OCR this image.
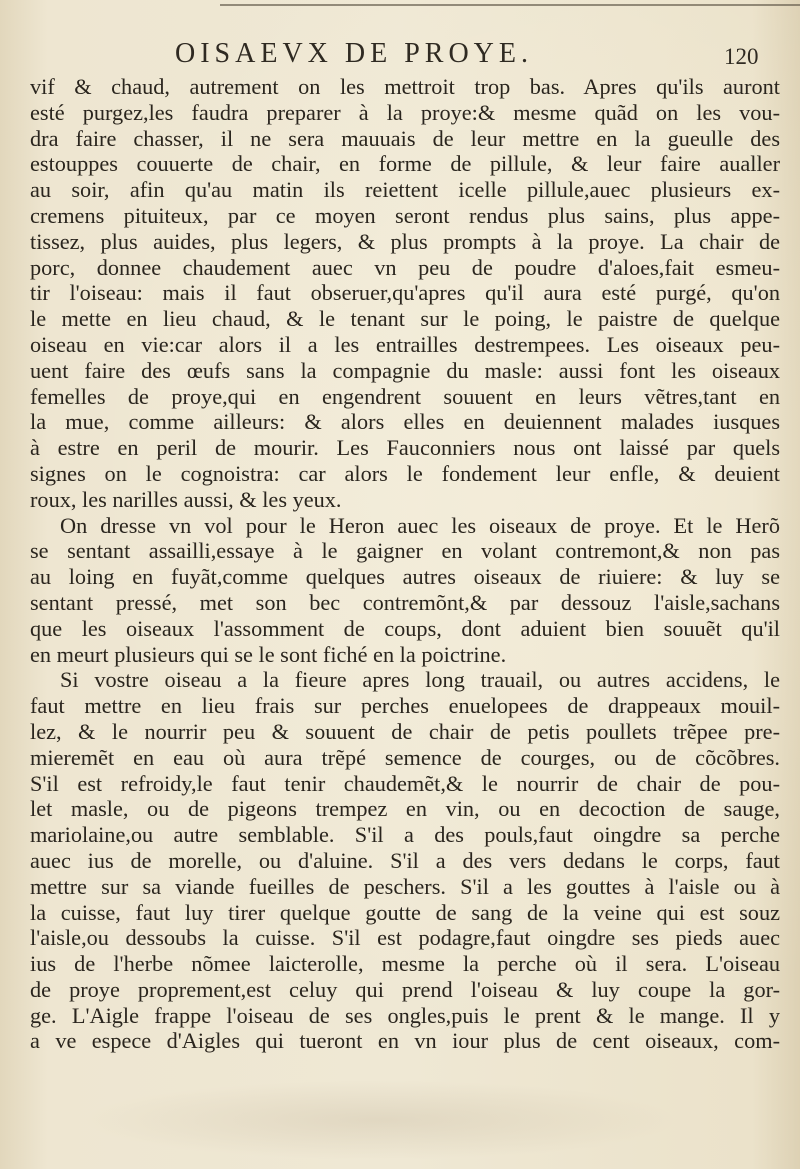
OISAEVX DE PROYE.	120
vif & chaud, autrement on les mettroit trop bas. Apres qu'ils auront
esté purgez,les faudra preparer à la proye:& mesme quãd on les vou-
dra faire chasser, il ne sera mauuais de leur mettre en la gueulle des
estouppes couuerte de chair, en forme de pillule, & leur faire aualler
au soir, afin qu'au matin ils reiettent icelle pillule,auec plusieurs ex-
cremens pituiteux, par ce moyen seront rendus plus sains, plus appe-
tissez, plus auides, plus legers, & plus prompts à la proye. La chair de
porc, donnee chaudement auec vn peu de poudre d'aloes,fait esmeu-
tir l'oiseau: mais il faut obseruer,qu'apres qu'il aura esté purgé, qu'on
le mette en lieu chaud, & le tenant sur le poing, le paistre de quelque
oiseau en vie:car alors il a les entrailles destrempees. Les oiseaux peu-
uent faire des œufs sans la compagnie du masle: aussi font les oiseaux
femelles de proye,qui en engendrent souuent en leurs vẽtres,tant en
la mue, comme ailleurs: & alors elles en deuiennent malades iusques
à estre en peril de mourir. Les Fauconniers nous ont laissé par quels
signes on le cognoistra: car alors le fondement leur enfle, & deuient
roux, les narilles aussi, & les yeux.
On dresse vn vol pour le Heron auec les oiseaux de proye. Et le Herõ
se sentant assailli,essaye à le gaigner en volant contremont,& non pas
au loing en fuyãt,comme quelques autres oiseaux de riuiere: & luy se
sentant pressé, met son bec contremõnt,& par dessouz l'aisle,sachans
que les oiseaux l'assomment de coups, dont aduient bien souuẽt qu'il
en meurt plusieurs qui se le sont fiché en la poictrine.
Si vostre oiseau a la fieure apres long trauail, ou autres accidens, le
faut mettre en lieu frais sur perches enuelopees de drappeaux mouil-
lez, & le nourrir peu & souuent de chair de petis poullets trẽpee pre-
mieremẽt en eau où aura trẽpé semence de courges, ou de cõcõbres.
S'il est refroidy,le faut tenir chaudemẽt,& le nourrir de chair de pou-
let masle, ou de pigeons trempez en vin, ou en decoction de sauge,
mariolaine,ou autre semblable. S'il a des pouls,faut oingdre sa perche
auec ius de morelle, ou d'aluine. S'il a des vers dedans le corps, faut
mettre sur sa viande fueilles de peschers. S'il a les gouttes à l'aisle ou à
la cuisse, faut luy tirer quelque goutte de sang de la veine qui est souz
l'aisle,ou dessoubs la cuisse. S'il est podagre,faut oingdre ses pieds auec
ius de l'herbe nõmee laicterolle, mesme la perche où il sera. L'oiseau
de proye proprement,est celuy qui prend l'oiseau & luy coupe la gor-
ge. L'Aigle frappe l'oiseau de ses ongles,puis le prent & le mange. Il y
a ve espece d'Aigles qui tueront en vn iour plus de cent oiseaux, com-
